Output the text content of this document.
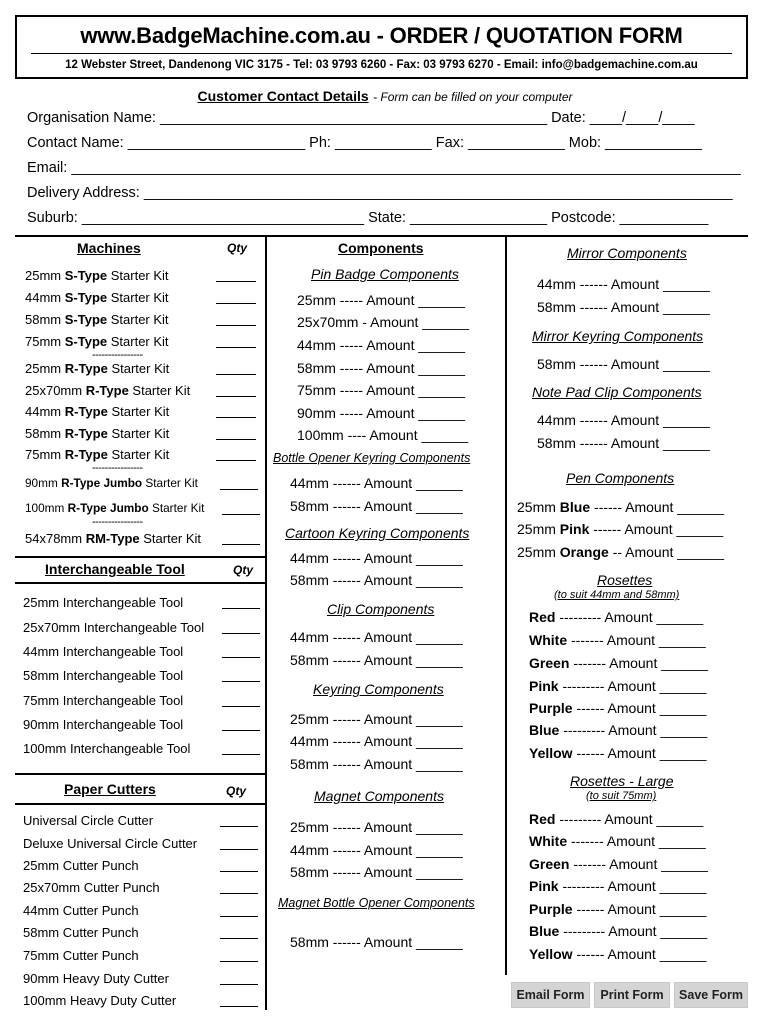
www.BadgeMachine.com.au - ORDER / QUOTATION FORM
12 Webster Street, Dandenong VIC 3175 - Tel: 03 9793 6260 - Fax: 03 9793 6270 - Email: info@badgemachine.com.au
Customer Contact Details - Form can be filled on your computer
Organisation Name: ________________________________________________ Date: ____/____/____
Contact Name: ______________________ Ph: ____________ Fax: ____________ Mob: ____________
Email: ___________________________________________________________________________________
Delivery Address: _________________________________________________________________________
Suburb: ___________________________________ State: _________________ Postcode: ___________
Machines	Qty
25mm S-Type Starter Kit
44mm S-Type Starter Kit
58mm S-Type Starter Kit
75mm S-Type Starter Kit
----------------
25mm R-Type Starter Kit
25x70mm R-Type Starter Kit
44mm R-Type Starter Kit
58mm R-Type Starter Kit
75mm R-Type Starter Kit
----------------
90mm R-Type Jumbo Starter Kit
100mm R-Type Jumbo Starter Kit
----------------
54x78mm RM-Type Starter Kit
Interchangeable Tool	Qty
25mm Interchangeable Tool
25x70mm Interchangeable Tool
44mm Interchangeable Tool
58mm Interchangeable Tool
75mm Interchangeable Tool
90mm Interchangeable Tool
100mm Interchangeable Tool
Paper Cutters	Qty
Universal Circle Cutter
Deluxe Universal Circle Cutter
25mm Cutter Punch
25x70mm Cutter Punch
44mm Cutter Punch
58mm Cutter Punch
75mm Cutter Punch
90mm Heavy Duty Cutter
100mm Heavy Duty Cutter
Components
Pin Badge Components
25mm ----- Amount ______
25x70mm - Amount ______
44mm ----- Amount ______
58mm ----- Amount ______
75mm ----- Amount ______
90mm ----- Amount ______
100mm ---- Amount ______
Bottle Opener Keyring Components
44mm ------ Amount ______
58mm ------ Amount ______
Cartoon Keyring Components
44mm ------ Amount ______
58mm ------ Amount ______
Clip Components
44mm ------ Amount ______
58mm ------ Amount ______
Keyring Components
25mm ------ Amount ______
44mm ------ Amount ______
58mm ------ Amount ______
Magnet Components
25mm ------ Amount ______
44mm ------ Amount ______
58mm ------ Amount ______
Magnet Bottle Opener Components
58mm ------ Amount ______
Mirror Components
44mm ------ Amount ______
58mm ------ Amount ______
Mirror Keyring Components
58mm ------ Amount ______
Note Pad Clip Components
44mm ------ Amount ______
58mm ------ Amount ______
Pen Components
25mm Blue ------ Amount ______
25mm Pink ------ Amount ______
25mm Orange -- Amount ______
Rosettes
(to suit 44mm and 58mm)
Red --------- Amount ______
White ------- Amount ______
Green ------- Amount ______
Pink --------- Amount ______
Purple ------ Amount ______
Blue --------- Amount ______
Yellow ------ Amount ______
Rosettes - Large
(to suit 75mm)
Red --------- Amount ______
White ------- Amount ______
Green ------- Amount ______
Pink --------- Amount ______
Purple ------ Amount ______
Blue --------- Amount ______
Yellow ------ Amount ______
Email Form	Print Form	Save Form
